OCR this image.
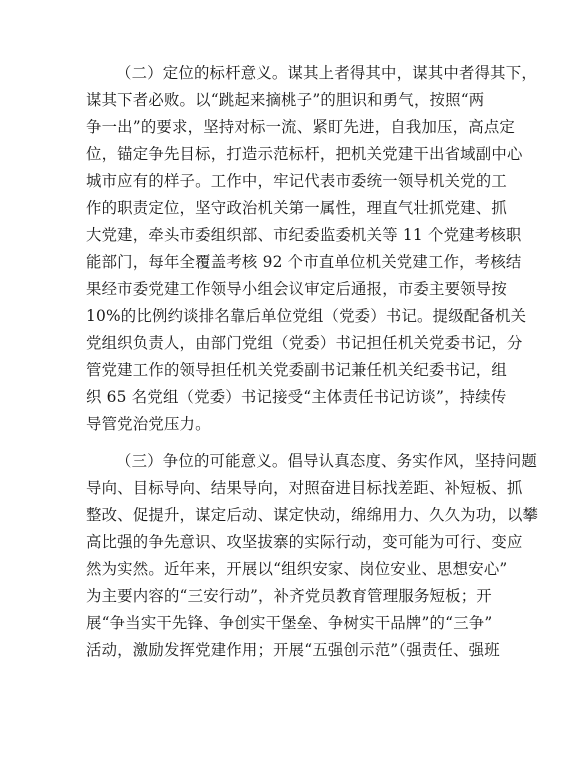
（二）定位的标杆意义。谋其上者得其中，谋其中者得其下，
谋其下者必败。以“跳起来摘桃子”的胆识和勇气，按照“两
争一出”的要求，坚持对标一流、紧盯先进，自我加压，高点定
位，锚定争先目标，打造示范标杆，把机关党建干出省域副中心
城市应有的样子。工作中，牢记代表市委统一领导机关党的工
作的职责定位，坚守政治机关第一属性，理直气壮抓党建、抓
大党建，牵头市委组织部、市纪委监委机关等 11 个党建考核职
能部门，每年全覆盖考核 92 个市直单位机关党建工作，考核结
果经市委党建工作领导小组会议审定后通报，市委主要领导按
10%的比例约谈排名靠后单位党组（党委）书记。提级配备机关
党组织负责人，由部门党组（党委）书记担任机关党委书记，分
管党建工作的领导担任机关党委副书记兼任机关纪委书记，组
织 65 名党组（党委）书记接受“主体责任书记访谈”，持续传
导管党治党压力。
（三）争位的可能意义。倡导认真态度、务实作风，坚持问题
导向、目标导向、结果导向，对照奋进目标找差距、补短板、抓
整改、促提升，谋定后动、谋定快动，绵绵用力、久久为功，以攀
高比强的争先意识、攻坚拔寨的实际行动，变可能为可行、变应
然为实然。近年来，开展以“组织安家、岗位安业、思想安心”
为主要内容的“三安行动”，补齐党员教育管理服务短板；开
展“争当实干先锋、争创实干堡垒、争树实干品牌”的“三争”
活动，激励发挥党建作用；开展“五强创示范”（强责任、强班
